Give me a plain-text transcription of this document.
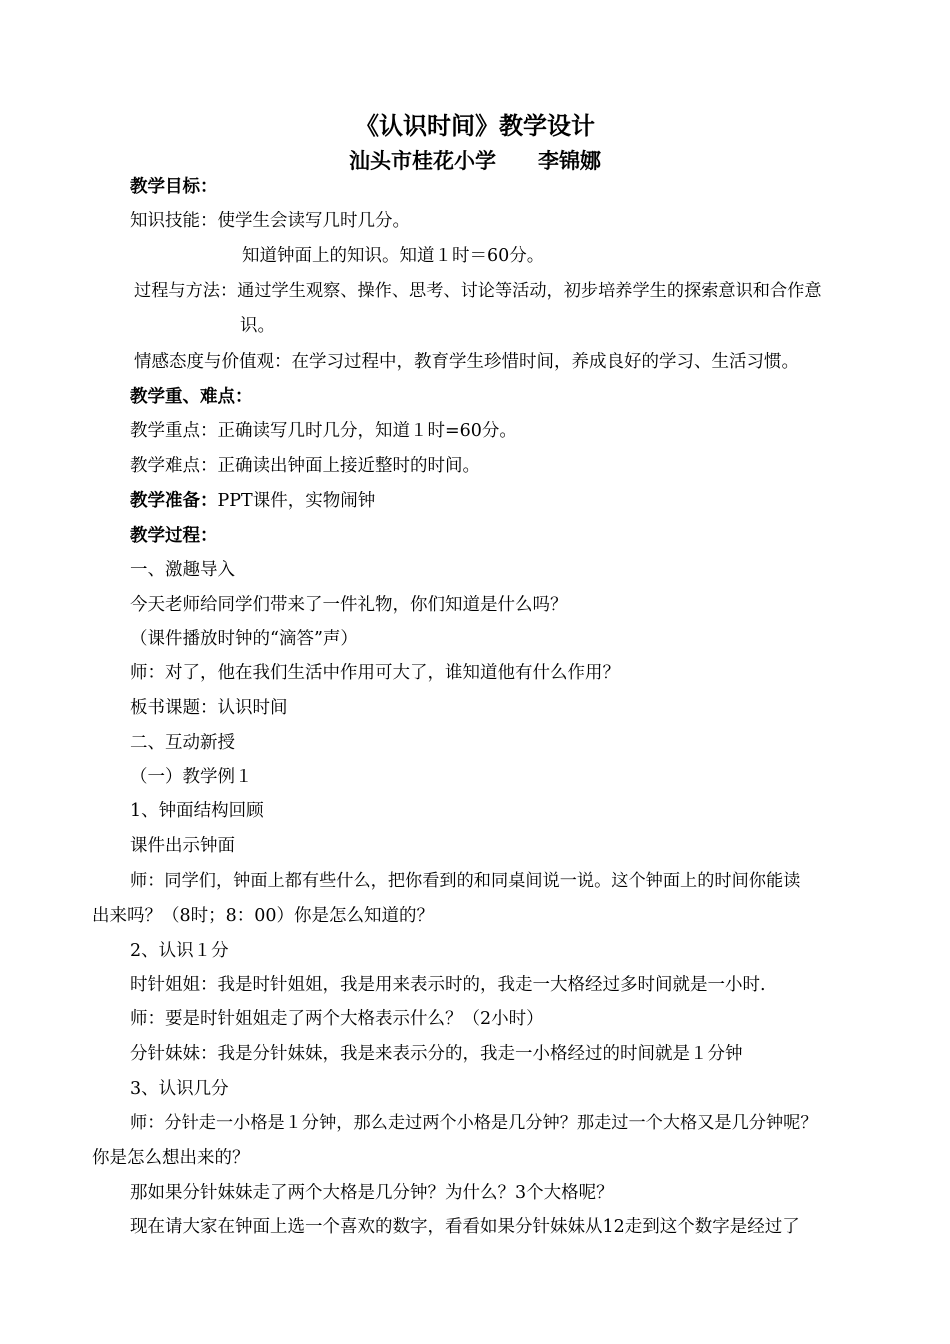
《认识时间》教学设计
汕头市桂花小学　　李锦娜
教学目标：
知识技能：使学生会读写几时几分。
知道钟面上的知识。知道１时＝60分。
过程与方法：通过学生观察、操作、思考、讨论等活动，初步培养学生的探索意识和合作意
识。
情感态度与价值观：在学习过程中，教育学生珍惜时间，养成良好的学习、生活习惯。
教学重、难点：
教学重点：正确读写几时几分，知道１时=60分。
教学难点：正确读出钟面上接近整时的时间。
教学准备：PPT课件，实物闹钟
教学过程：
一、激趣导入
今天老师给同学们带来了一件礼物，你们知道是什么吗？
（课件播放时钟的“滴答”声）
师：对了，他在我们生活中作用可大了，谁知道他有什么作用？
板书课题：认识时间
二、互动新授
（一）教学例１
1、钟面结构回顾
课件出示钟面
师：同学们，钟面上都有些什么，把你看到的和同桌间说一说。这个钟面上的时间你能读
出来吗？（8时；8：00）你是怎么知道的？
2、认识１分
时针姐姐：我是时针姐姐，我是用来表示时的，我走一大格经过多时间就是一小时.
师：要是时针姐姐走了两个大格表示什么？（2小时）
分针妹妹：我是分针妹妹，我是来表示分的，我走一小格经过的时间就是１分钟
3、认识几分
师：分针走一小格是１分钟，那么走过两个小格是几分钟？那走过一个大格又是几分钟呢？
你是怎么想出来的？
那如果分针妹妹走了两个大格是几分钟？为什么？3个大格呢？
现在请大家在钟面上选一个喜欢的数字，看看如果分针妹妹从12走到这个数字是经过了
